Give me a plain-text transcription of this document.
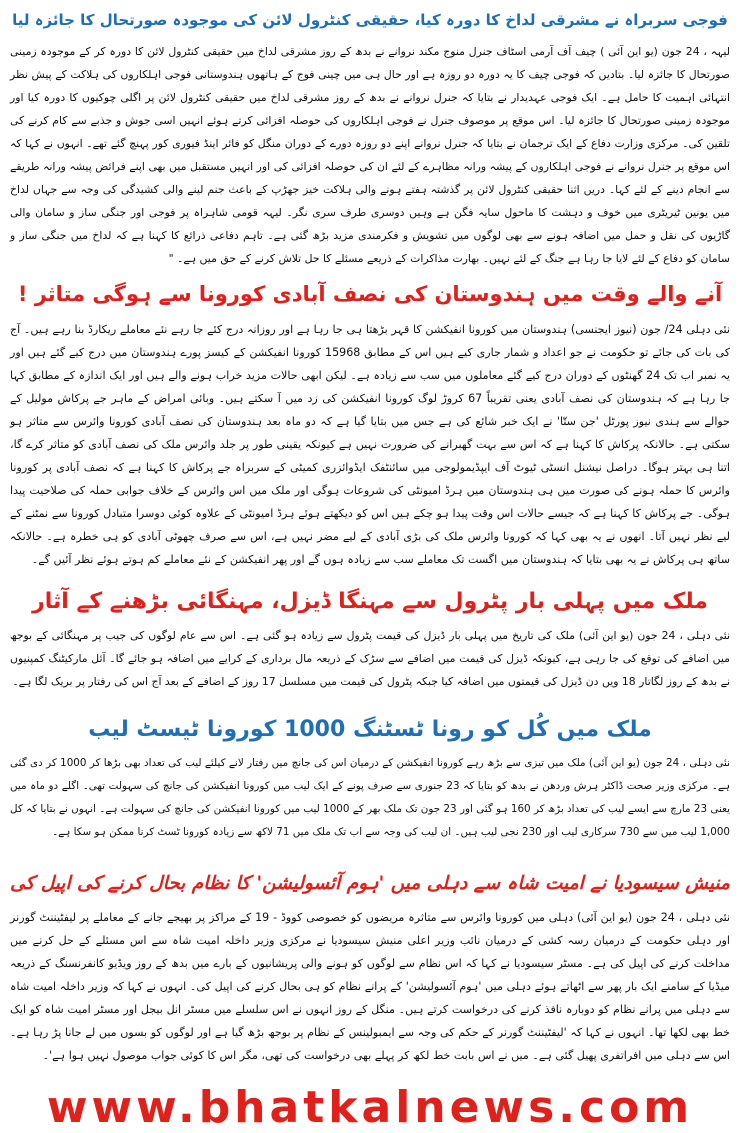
فوجی سربراہ نے مشرقی لداخ کا دورہ کیا، حقیقی کنٹرول لائن کی موجودہ صورتحال کا جائزہ لیا

لیہہ ، 24 جون (یو این آئی ) چیف آف آرمی اسٹاف جنرل منوج مکند نروانے نے بدھ کے روز مشرقی لداخ میں حقیقی کنٹرول لائن کا دورہ کر کے موجودہ زمینی صورتحال کا جائزہ لیا۔ بتادیں کہ فوجی چیف کا یہ دورہ دو روزہ ہے اور حال ہی میں چینی فوج کے ہاتھوں ہندوستانی فوجی اہلکاروں کی ہلاکت کے پیش نظر انتہائی اہمیت کا حامل ہے۔ ایک فوجی عہدیدار نے بتایا کہ جنرل نروانے نے بدھ کے روز مشرقی لداخ میں حقیقی کنٹرول لائن پر اگلی چوکیوں کا دورہ کیا اور موجودہ زمینی صورتحال کا جائزہ لیا۔ اس موقع پر موصوف جنرل نے فوجی اہلکاروں کی حوصلہ افزائی کرتے ہوئے انہیں اسی جوش و جذبے سے کام کرنے کی تلقین کی۔ مرکزی وزارت دفاع کے ایک ترجمان نے بتایا کہ جنرل نروانے اپنے دو روزہ دورے کے دوران منگل کو فائر اینڈ فیوری کور پہنچ گئے تھے۔ انہوں نے کہا کہ اس موقع پر جنرل نروانے نے فوجی اہلکاروں کے پیشہ ورانہ مظاہرے کے لئے ان کی حوصلہ افزائی کی اور انہیں مستقبل میں بھی اپنے فرائض پیشہ ورانہ طریقے سے انجام دینے کے لئے کہا۔ دریں اثنا حقیقی کنٹرول لائن پر گذشتہ ہفتے ہونے والی ہلاکت خیز جھڑپ کے باعث جنم لینے والی کشیدگی کی وجہ سے جہاں لداخ میں یونین ٹیریٹری میں خوف و دہشت کا ماحول سایہ فگن ہے وہیں دوسری طرف سری نگر۔ لیہہ قومی شاہراہ پر فوجی اور جنگی ساز و سامان والی گاڑیوں کی نقل و حمل میں اضافہ ہونے سے بھی لوگوں میں تشویش و فکرمندی مزید بڑھ گئی ہے۔ تاہم دفاعی ذرائع کا کہنا ہے کہ لداخ میں جنگی ساز و سامان کو دفاع کے لئے لایا جا رہا ہے جنگ کے لئے نہیں۔ بھارت مذاکرات کے ذریعے مسئلے کا حل تلاش کرنے کے حق میں ہے۔ "

آنے والے وقت میں ہندوستان کی نصف آبادی کورونا سے ہوگی متاثر !

نئی دہلی 24/ جون (نیوز ایجنسی) ہندوستان میں کورونا انفیکشن کا قہر بڑھتا ہی جا رہا ہے اور روزانہ درج کئے جا رہے نئے معاملے ریکارڈ بنا رہے ہیں۔ آج کی بات کی جائے تو حکومت نے جو اعداد و شمار جاری کیے ہیں اس کے مطابق 15968 کورونا انفیکشن کے کیسز پورے ہندوستان میں درج کیے گئے ہیں اور یہ نمبر اب تک 24 گھنٹوں کے دوران درج کیے گئے معاملوں میں سب سے زیادہ ہے۔ لیکن ابھی حالات مزید خراب ہونے والے ہیں اور ایک اندازہ کے مطابق کہا جا رہا ہے کہ ہندوستان کی نصف آبادی یعنی تقریباً 67 کروڑ لوگ کورونا انفیکشن کی زد میں آ سکتے ہیں۔ وبائی امراض کے ماہر جے پرکاش مولیل کے حوالے سے ہندی نیوز پورٹل 'جن ستّا' نے ایک خبر شائع کی ہے جس میں بتایا گیا ہے کہ دو ماہ بعد ہندوستان کی نصف آبادی کورونا وائرس سے متاثر ہو سکتی ہے۔ حالانکہ پرکاش کا کہنا ہے کہ اس سے بہت گھبرانے کی ضرورت نہیں ہے کیونکہ یقینی طور پر جلد وائرس ملک کی نصف آبادی کو متاثر کرے گا، اتنا ہی بہتر ہوگا۔ دراصل نیشنل انسٹی ٹیوٹ آف ایپڈیمولوجی میں سائنٹفک ایڈوائزری کمیٹی کے سربراہ جے پرکاش کا کہنا ہے کہ نصف آبادی پر کورونا وائرس کا حملہ ہونے کی صورت میں ہی ہندوستان میں ہرڈ امیونٹی کی شروعات ہوگی اور ملک میں اس وائرس کے خلاف جوابی حملہ کی صلاحیت پیدا ہوگی۔ جے پرکاش کا کہنا ہے کہ جیسے حالات اس وقت پیدا ہو چکے ہیں اس کو دیکھتے ہوئے ہرڈ امیونٹی کے علاوہ کوئی دوسرا متبادل کورونا سے نمٹنے کے لیے نظر نہیں آتا۔ انھوں نے یہ بھی کہا کہ کورونا وائرس ملک کی بڑی آبادی کے لیے مضر نہیں ہے، اس سے صرف چھوٹی آبادی کو ہی خطرہ ہے۔ حالانکہ ساتھ ہی پرکاش نے یہ بھی بتایا کہ ہندوستان میں اگست تک معاملے سب سے زیادہ ہوں گے اور پھر انفیکشن کے نئے معاملے کم ہوتے ہوئے نظر آئیں گے۔

ملک میں پہلی بار پٹرول سے مہنگا ڈیزل، مہنگائی بڑھنے کے آثار

نئی دہلی ، 24 جون (یو این آئی) ملک کی تاریخ میں پہلی بار ڈیزل کی قیمت پٹرول سے زیادہ ہو گئی ہے۔ اس سے عام لوگوں کی جیب پر مہنگائی کے بوجھ میں اضافے کی توقع کی جا رہی ہے، کیونکہ ڈیزل کی قیمت میں اضافے سے سڑک کے ذریعہ مال برداری کے کرایے میں اضافہ ہو جائے گا۔ آئل مارکیٹنگ کمپنیوں نے بدھ کے روز لگاتار 18 ویں دن ڈیزل کی قیمتوں میں اضافہ کیا جبکہ پٹرول کی قیمت میں مسلسل 17 روز کے اضافے کے بعد آج اس کی رفتار پر بریک لگا ہے۔

ملک میں کُل کو رونا ٹسٹنگ 1000 کورونا ٹیسٹ لیب

نئی دہلی ، 24 جون (یو این آئی) ملک میں تیزی سے بڑھ رہے کورونا انفیکشن کے درمیان اس کی جانچ میں رفتار لانے کیلئے لیب کی تعداد بھی بڑھا کر 1000 کر دی گئی ہے۔ مرکزی وزیر صحت ڈاکٹر ہرش وردھن نے بدھ کو بتایا کہ 23 جنوری سے صرف پونے کے ایک لیب میں کورونا انفیکشن کی جانچ کی سہولت تھی۔ اگلے دو ماہ میں یعنی 23 مارچ سے ایسے لیب کی تعداد بڑھ کر 160 ہو گئی اور 23 جون تک ملک بھر کے 1000 لیب میں کورونا انفیکشن کی جانچ کی سہولت ہے۔ انہوں نے بتایا کہ کل 1,000 لیب میں سے 730 سرکاری لیب اور 230 نجی لیب ہیں۔ ان لیب کی وجہ سے اب تک ملک میں 71 لاکھ سے زیادہ کورونا ٹسٹ کرنا ممکن ہو سکا ہے۔

منیش سیسودیا نے امیت شاہ سے دہلی میں 'ہوم آئسولیشن' کا نظام بحال کرنے کی اپیل کی

نئی دہلی ، 24 جون (یو این آئی) دہلی میں کورونا وائرس سے متاثرہ مریضوں کو خصوصی کووڈ - 19 کے مراکز پر بھیجے جانے کے معاملے پر لیفٹیننٹ گورنر اور دہلی حکومت کے درمیان رسہ کشی کے درمیان نائب وزیر اعلی منیش سیسودیا نے مرکزی وزیر داخلہ امیت شاہ سے اس مسئلے کے حل کرنے میں مداخلت کرنے کی اپیل کی ہے۔ مسٹر سیسودیا نے کہا کہ اس نظام سے لوگوں کو ہونے والی پریشانیوں کے بارے میں بدھ کے روز ویڈیو کانفرنسنگ کے ذریعہ میڈیا کے سامنے ایک بار پھر سے اٹھاتے ہوئے دہلی میں 'ہوم آئسولیشن' کے پرانے نظام کو ہی بحال کرنے کی اپیل کی۔ انہوں نے کہا کہ وزیر داخلہ امیت شاہ سے دہلی میں پرانے نظام کو دوبارہ نافذ کرنے کی درخواست کرتے ہیں۔ منگل کے روز انہوں نے اس سلسلے میں مسٹر انل بیجل اور مسٹر امیت شاہ کو ایک خط بھی لکھا تھا۔ انہوں نے کہا کہ 'لیفٹیننٹ گورنر کے حکم کی وجہ سے ایمبولینس کے نظام پر بوجھ بڑھ گیا ہے اور لوگوں کو بسوں میں لے جانا پڑ رہا ہے۔ اس سے دہلی میں افراتفری پھیل گئی ہے۔ میں نے اس بابت خط لکھ کر پہلے بھی درخواست کی تھی، مگر اس کا کوئی جواب موصول نہیں ہوا ہے'۔

www.bhatkalnews.com
